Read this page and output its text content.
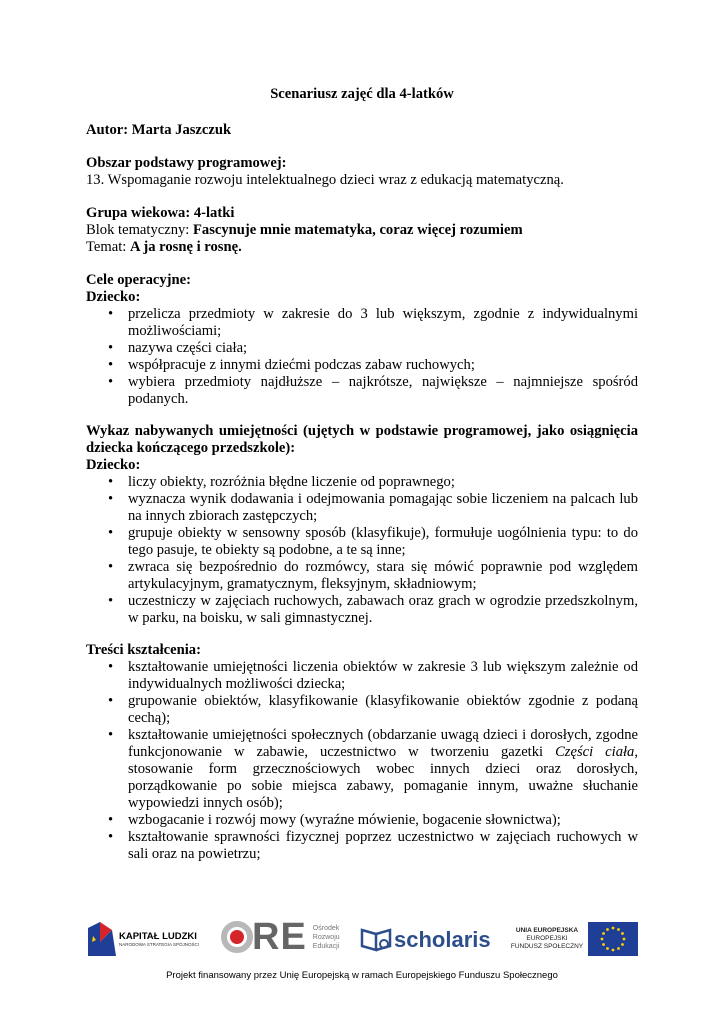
Scenariusz zajęć dla 4-latków

Autor: Marta Jaszczuk

Obszar podstawy programowej:

13. Wspomaganie rozwoju intelektualnego dzieci wraz z edukacją matematyczną.

Grupa wiekowa: 4-latki

Blok tematyczny: Fascynuje mnie matematyka, coraz więcej rozumiem

Temat: A ja rosnę i rosnę.

Cele operacyjne:

Dziecko:

• przelicza przedmioty w zakresie do 3 lub większym, zgodnie z indywidualnymi możliwościami;
• nazywa części ciała;
• współpracuje z innymi dziećmi podczas zabaw ruchowych;
• wybiera przedmioty najdłuższe – najkrótsze, największe – najmniejsze spośród podanych.

Wykaz nabywanych umiejętności (ujętych w podstawie programowej, jako osiągnięcia dziecka kończącego przedszkole):

Dziecko:

• liczy obiekty, rozróżnia błędne liczenie od poprawnego;
• wyznacza wynik dodawania i odejmowania pomagając sobie liczeniem na palcach lub na innych zbiorach zastępczych;
• grupuje obiekty w sensowny sposób (klasyfikuje), formułuje uogólnienia typu: to do tego pasuje, te obiekty są podobne, a te są inne;
• zwraca się bezpośrednio do rozmówcy, stara się mówić poprawnie pod względem artykulacyjnym, gramatycznym, fleksyjnym, składniowym;
• uczestniczy w zajęciach ruchowych, zabawach oraz grach w ogrodzie przedszkolnym, w parku, na boisku, w sali gimnastycznej.

Treści kształcenia:

• kształtowanie umiejętności liczenia obiektów w zakresie 3 lub większym zależnie od indywidualnych możliwości dziecka;
• grupowanie obiektów, klasyfikowanie (klasyfikowanie obiektów zgodnie z podaną cechą);
• kształtowanie umiejętności społecznych (obdarzanie uwagą dzieci i dorosłych, zgodne funkcjonowanie w zabawie, uczestnictwo w tworzeniu gazetki Części ciała, stosowanie form grzecznościowych wobec innych dzieci oraz dorosłych, porządkowanie po sobie miejsca zabawy, pomaganie innym, uważne słuchanie wypowiedzi innych osób);
• wzbogacanie i rozwój mowy (wyraźne mówienie, bogacenie słownictwa);
• kształtowanie sprawności fizycznej poprzez uczestnictwo w zajęciach ruchowych w sali oraz na powietrzu;
KAPITAŁ LUDZKI
NARODOWA STRATEGIA SPÓJNOŚCI RE Ośrodek
Rozwoju
Edukacji scholaris	UNIA EUROPEJSKA
EUROPEJSKI
FUNDUSZ SPOŁECZNY
Projekt finansowany przez Unię Europejską w ramach Europejskiego Funduszu Społecznego
